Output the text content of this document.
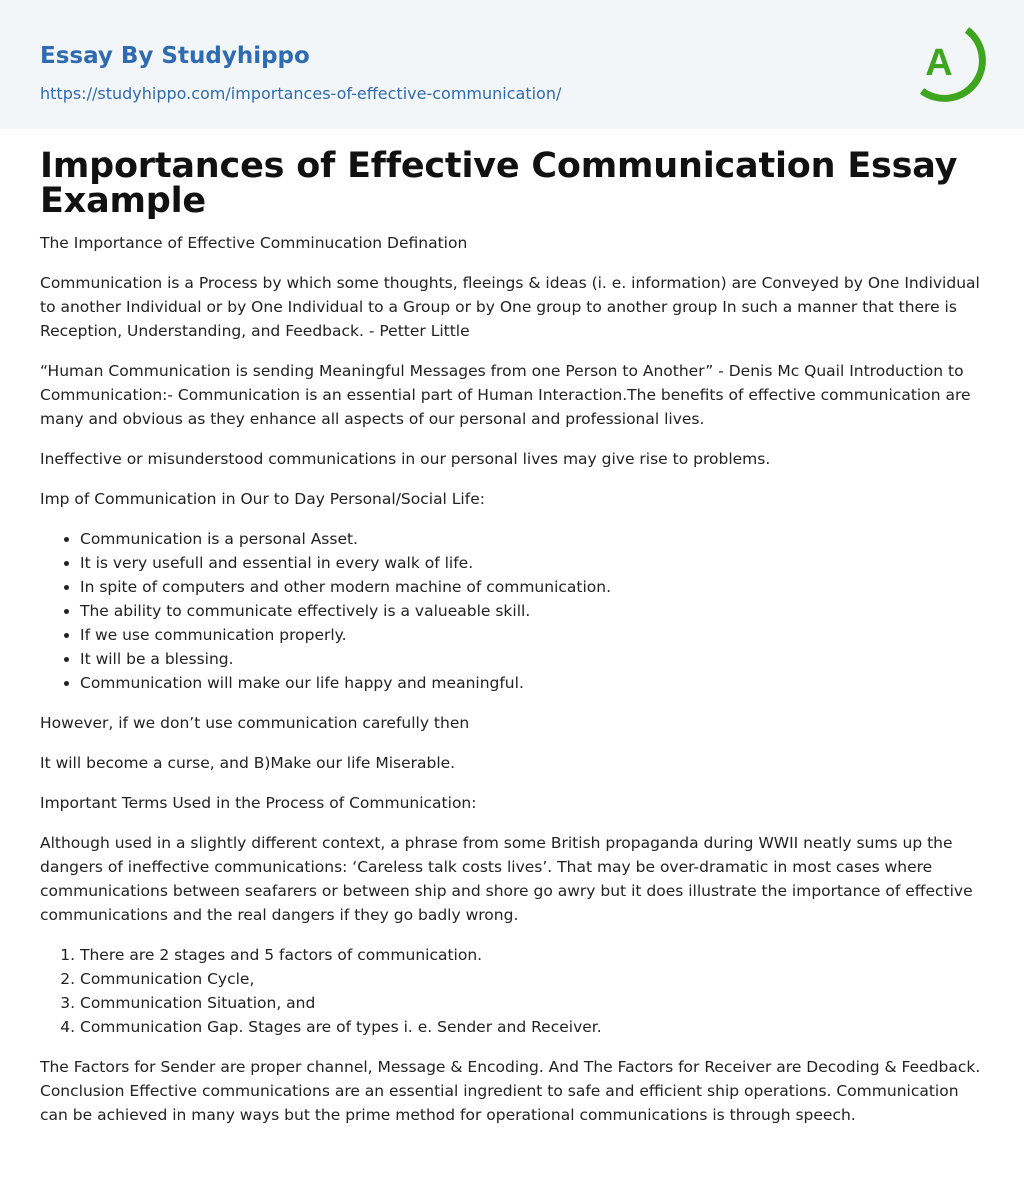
Essay By Studyhippo
https://studyhippo.com/importances-of-effective-communication/
A
Importances of Effective Communication Essay Example

The Importance of Effective Comminucation Defination

Communication is a Process by which some thoughts, fleeings & ideas (i. e. information) are Conveyed by One Individual to another Individual or by One Individual to a Group or by One group to another group In such a manner that there is Reception, Understanding, and Feedback. - Petter Little

“Human Communication is sending Meaningful Messages from one Person to Another” - Denis Mc Quail Introduction to Communication:- Communication is an essential part of Human Interaction.The benefits of effective communication are many and obvious as they enhance all aspects of our personal and professional lives.

Ineffective or misunderstood communications in our personal lives may give rise to problems.

Imp of Communication in Our to Day Personal/Social Life:

• Communication is a personal Asset.
• It is very usefull and essential in every walk of life.
• In spite of computers and other modern machine of communication.
• The ability to communicate effectively is a valueable skill.
• If we use communication properly.
• It will be a blessing.
• Communication will make our life happy and meaningful.

However, if we don’t use communication carefully then

It will become a curse, and B)Make our life Miserable.

Important Terms Used in the Process of Communication:

Although used in a slightly different context, a phrase from some British propaganda during WWII neatly sums up the dangers of ineffective communications: ‘Careless talk costs lives’. That may be over-dramatic in most cases where communications between seafarers or between ship and shore go awry but it does illustrate the importance of effective communications and the real dangers if they go badly wrong.

1. There are 2 stages and 5 factors of communication.
2. Communication Cycle,
3. Communication Situation, and
4. Communication Gap. Stages are of types i. e. Sender and Receiver.

The Factors for Sender are proper channel, Message & Encoding. And The Factors for Receiver are Decoding & Feedback. Conclusion Effective communications are an essential ingredient to safe and efficient ship operations. Communication can be achieved in many ways but the prime method for operational communications is through speech.
